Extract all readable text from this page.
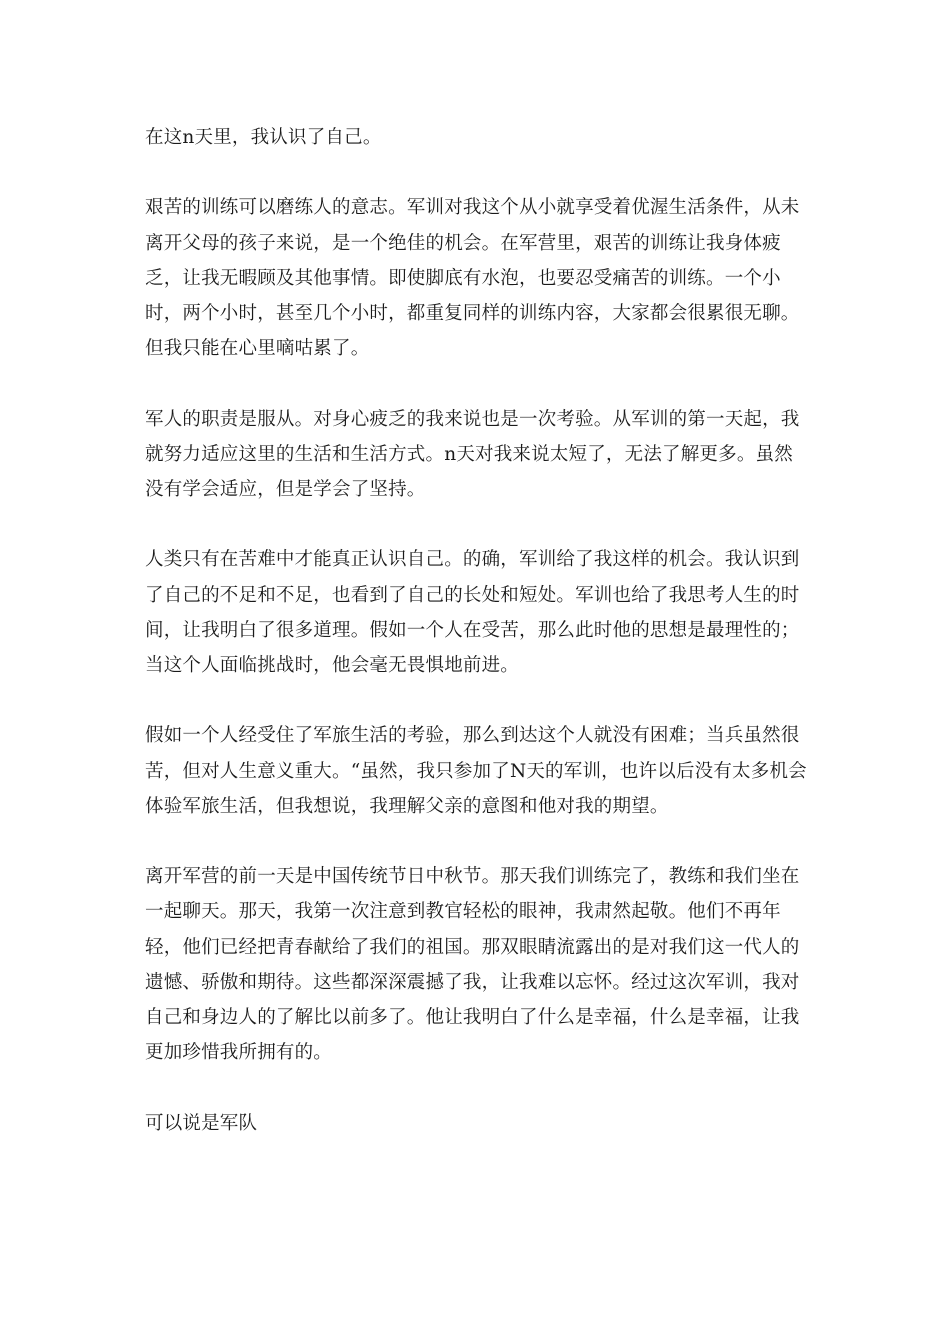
在这n天里，我认识了自己。

艰苦的训练可以磨练人的意志。军训对我这个从小就享受着优渥生活条件，从未离开父母的孩子来说，是一个绝佳的机会。在军营里，艰苦的训练让我身体疲乏，让我无暇顾及其他事情。即使脚底有水泡，也要忍受痛苦的训练。一个小时，两个小时，甚至几个小时，都重复同样的训练内容，大家都会很累很无聊。但我只能在心里嘀咕累了。

军人的职责是服从。对身心疲乏的我来说也是一次考验。从军训的第一天起，我就努力适应这里的生活和生活方式。n天对我来说太短了，无法了解更多。虽然没有学会适应，但是学会了坚持。

人类只有在苦难中才能真正认识自己。的确，军训给了我这样的机会。我认识到了自己的不足和不足，也看到了自己的长处和短处。军训也给了我思考人生的时间，让我明白了很多道理。假如一个人在受苦，那么此时他的思想是最理性的；当这个人面临挑战时，他会毫无畏惧地前进。

假如一个人经受住了军旅生活的考验，那么到达这个人就没有困难；当兵虽然很苦，但对人生意义重大。“虽然，我只参加了N天的军训，也许以后没有太多机会体验军旅生活，但我想说，我理解父亲的意图和他对我的期望。

离开军营的前一天是中国传统节日中秋节。那天我们训练完了，教练和我们坐在一起聊天。那天，我第一次注意到教官轻松的眼神，我肃然起敬。他们不再年轻，他们已经把青春献给了我们的祖国。那双眼睛流露出的是对我们这一代人的遗憾、骄傲和期待。这些都深深震撼了我，让我难以忘怀。经过这次军训，我对自己和身边人的了解比以前多了。他让我明白了什么是幸福，什么是幸福，让我更加珍惜我所拥有的。

可以说是军队
